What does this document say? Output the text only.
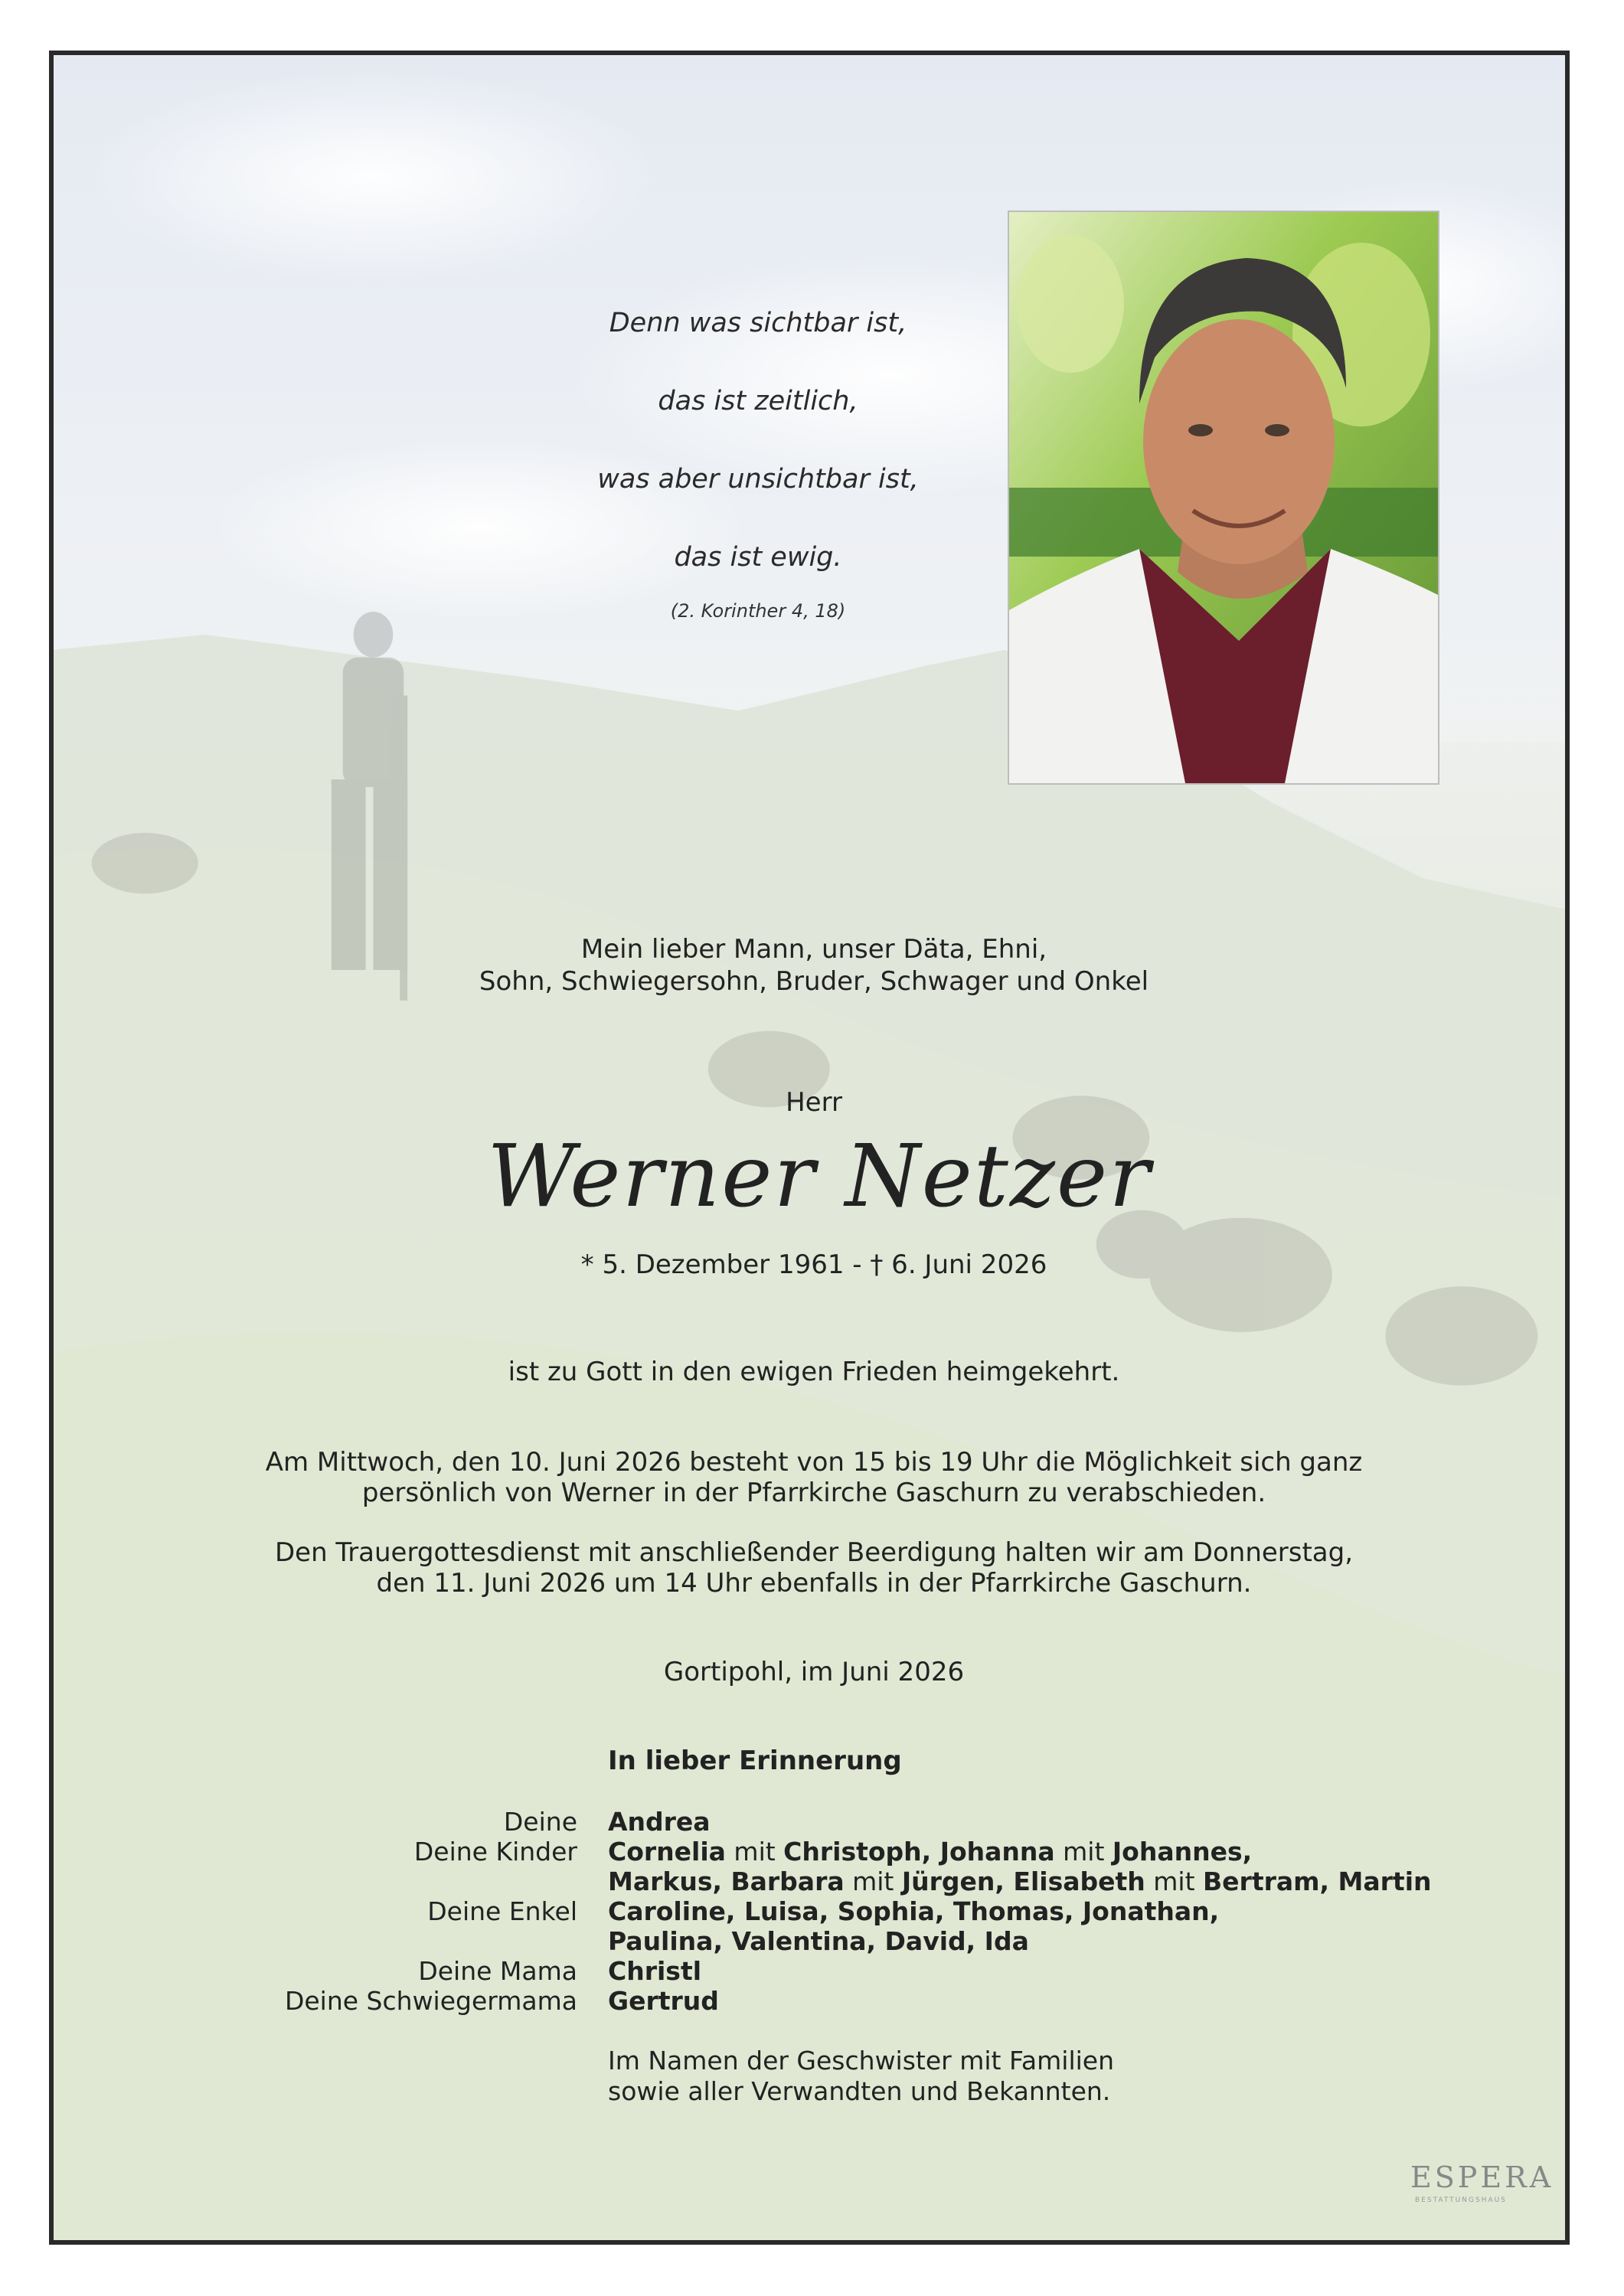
Denn was sichtbar ist,
das ist zeitlich,
was aber unsichtbar ist,
das ist ewig.
(2. Korinther 4, 18)
Mein lieber Mann, unser Däta, Ehni,
Sohn, Schwiegersohn, Bruder, Schwager und Onkel
Herr
Werner Netzer
* 5. Dezember 1961 - † 6. Juni 2026
ist zu Gott in den ewigen Frieden heimgekehrt.
Am Mittwoch, den 10. Juni 2026 besteht von 15 bis 19 Uhr die Möglichkeit sich ganz
persönlich von Werner in der Pfarrkirche Gaschurn zu verabschieden.
Den Trauergottesdienst mit anschließender Beerdigung halten wir am Donnerstag,
den 11. Juni 2026 um 14 Uhr ebenfalls in der Pfarrkirche Gaschurn.
Gortipohl, im Juni 2026
In lieber Erinnerung
Deine
Deine Kinder
Deine Enkel
Deine Mama
Deine Schwiegermama
Andrea
Cornelia mit Christoph, Johanna mit Johannes,
Markus, Barbara mit Jürgen, Elisabeth mit Bertram, Martin
Caroline, Luisa, Sophia, Thomas, Jonathan,
Paulina, Valentina, David, Ida
Christl
Gertrud
Im Namen der Geschwister mit Familien
sowie aller Verwandten und Bekannten.
ESPERA
BESTATTUNGSHAUS
